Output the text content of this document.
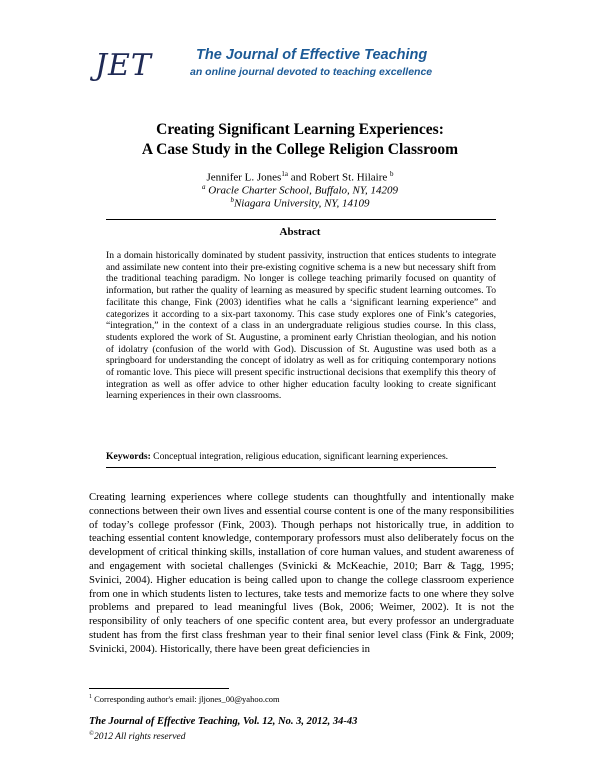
JET	The Journal of Effective Teaching
an online journal devoted to teaching excellence
Creating Significant Learning Experiences:
A Case Study in the College Religion Classroom
Jennifer L. Jones$^{1a}$ and Robert St. Hilaire $^b$
$^a$ Oracle Charter School, Buffalo, NY, 14209
$^b$Niagara University, NY, 14109
Abstract
In a domain historically dominated by student passivity, instruction that entices students to integrate and assimilate new content into their pre-existing cognitive schema is a new but necessary shift from the traditional teaching paradigm. No longer is college teaching primarily focused on quantity of information, but rather the quality of learning as measured by specific student learning outcomes. To facilitate this change, Fink (2003) identifies what he calls a ‘significant learning experience” and categorizes it according to a six-part taxonomy. This case study explores one of Fink’s categories, “integration,” in the context of a class in an undergraduate religious studies course. In this class, students explored the work of St. Augustine, a prominent early Christian theologian, and his notion of idolatry (confusion of the world with God). Discussion of St. Augustine was used both as a springboard for understanding the concept of idolatry as well as for critiquing contemporary notions of romantic love. This piece will present specific instructional decisions that exemplify this theory of integration as well as offer advice to other higher education faculty looking to create significant learning experiences in their own classrooms.
Keywords: Conceptual integration, religious education, significant learning experiences.
Creating learning experiences where college students can thoughtfully and intentionally make connections between their own lives and essential course content is one of the many responsibilities of today’s college professor (Fink, 2003). Though perhaps not historically true, in addition to teaching essential content knowledge, contemporary professors must also deliberately focus on the development of critical thinking skills, installation of core human values, and student awareness of and engagement with societal challenges (Svinicki & McKeachie, 2010; Barr & Tagg, 1995; Svinici, 2004). Higher education is being called upon to change the college classroom experience from one in which students listen to lectures, take tests and memorize facts to one where they solve problems and prepared to lead meaningful lives (Bok, 2006; Weimer, 2002). It is not the responsibility of only teachers of one specific content area, but every professor an undergraduate student has from the first class freshman year to their final senior level class (Fink & Fink, 2009; Svinicki, 2004). Historically, there have been great deficiencies in
$^1$ Corresponding author's email: jljones_00@yahoo.com
The Journal of Effective Teaching, Vol. 12, No. 3, 2012, 34-43
©2012 All rights reserved
